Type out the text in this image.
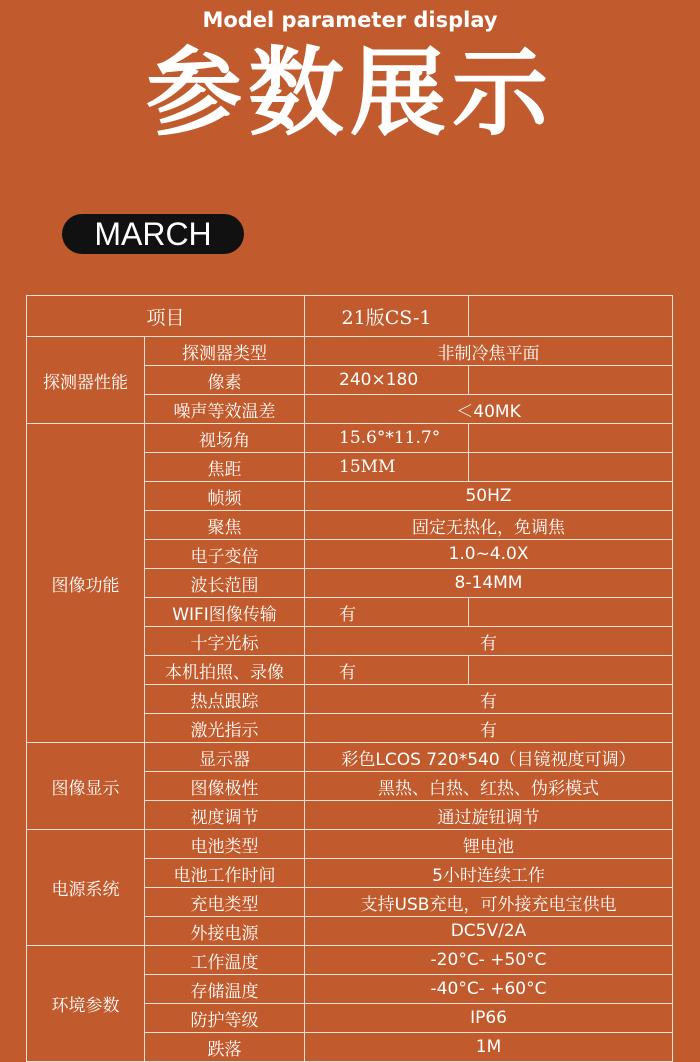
Model parameter display
参数展示
MARCH
项目		21版CS-1	
探测器性能	探测器类型	非制冷焦平面	
	像素	240×180	
	噪声等效温差	＜40MK	
图像功能	视场角	15.6°*11.7°	
	焦距	15MM	
	帧频	50HZ	
	聚焦	固定无热化，免调焦	
	电子变倍	1.0~4.0X	
	波长范围	8-14MM	
	WIFI图像传输	有	
	十字光标	有	
	本机拍照、录像	有	
	热点跟踪	有	
	激光指示	有	
图像显示	显示器	彩色LCOS 720*540（目镜视度可调）	
	图像极性	黑热、白热、红热、伪彩模式	
	视度调节	通过旋钮调节	
电源系统	电池类型	锂电池	
	电池工作时间	5小时连续工作	
	充电类型	支持USB充电，可外接充电宝供电	
	外接电源	DC5V/2A	
环境参数	工作温度	-20°C- +50°C	
	存储温度	-40°C- +60°C	
	防护等级	IP66	
	跌落	1M	
